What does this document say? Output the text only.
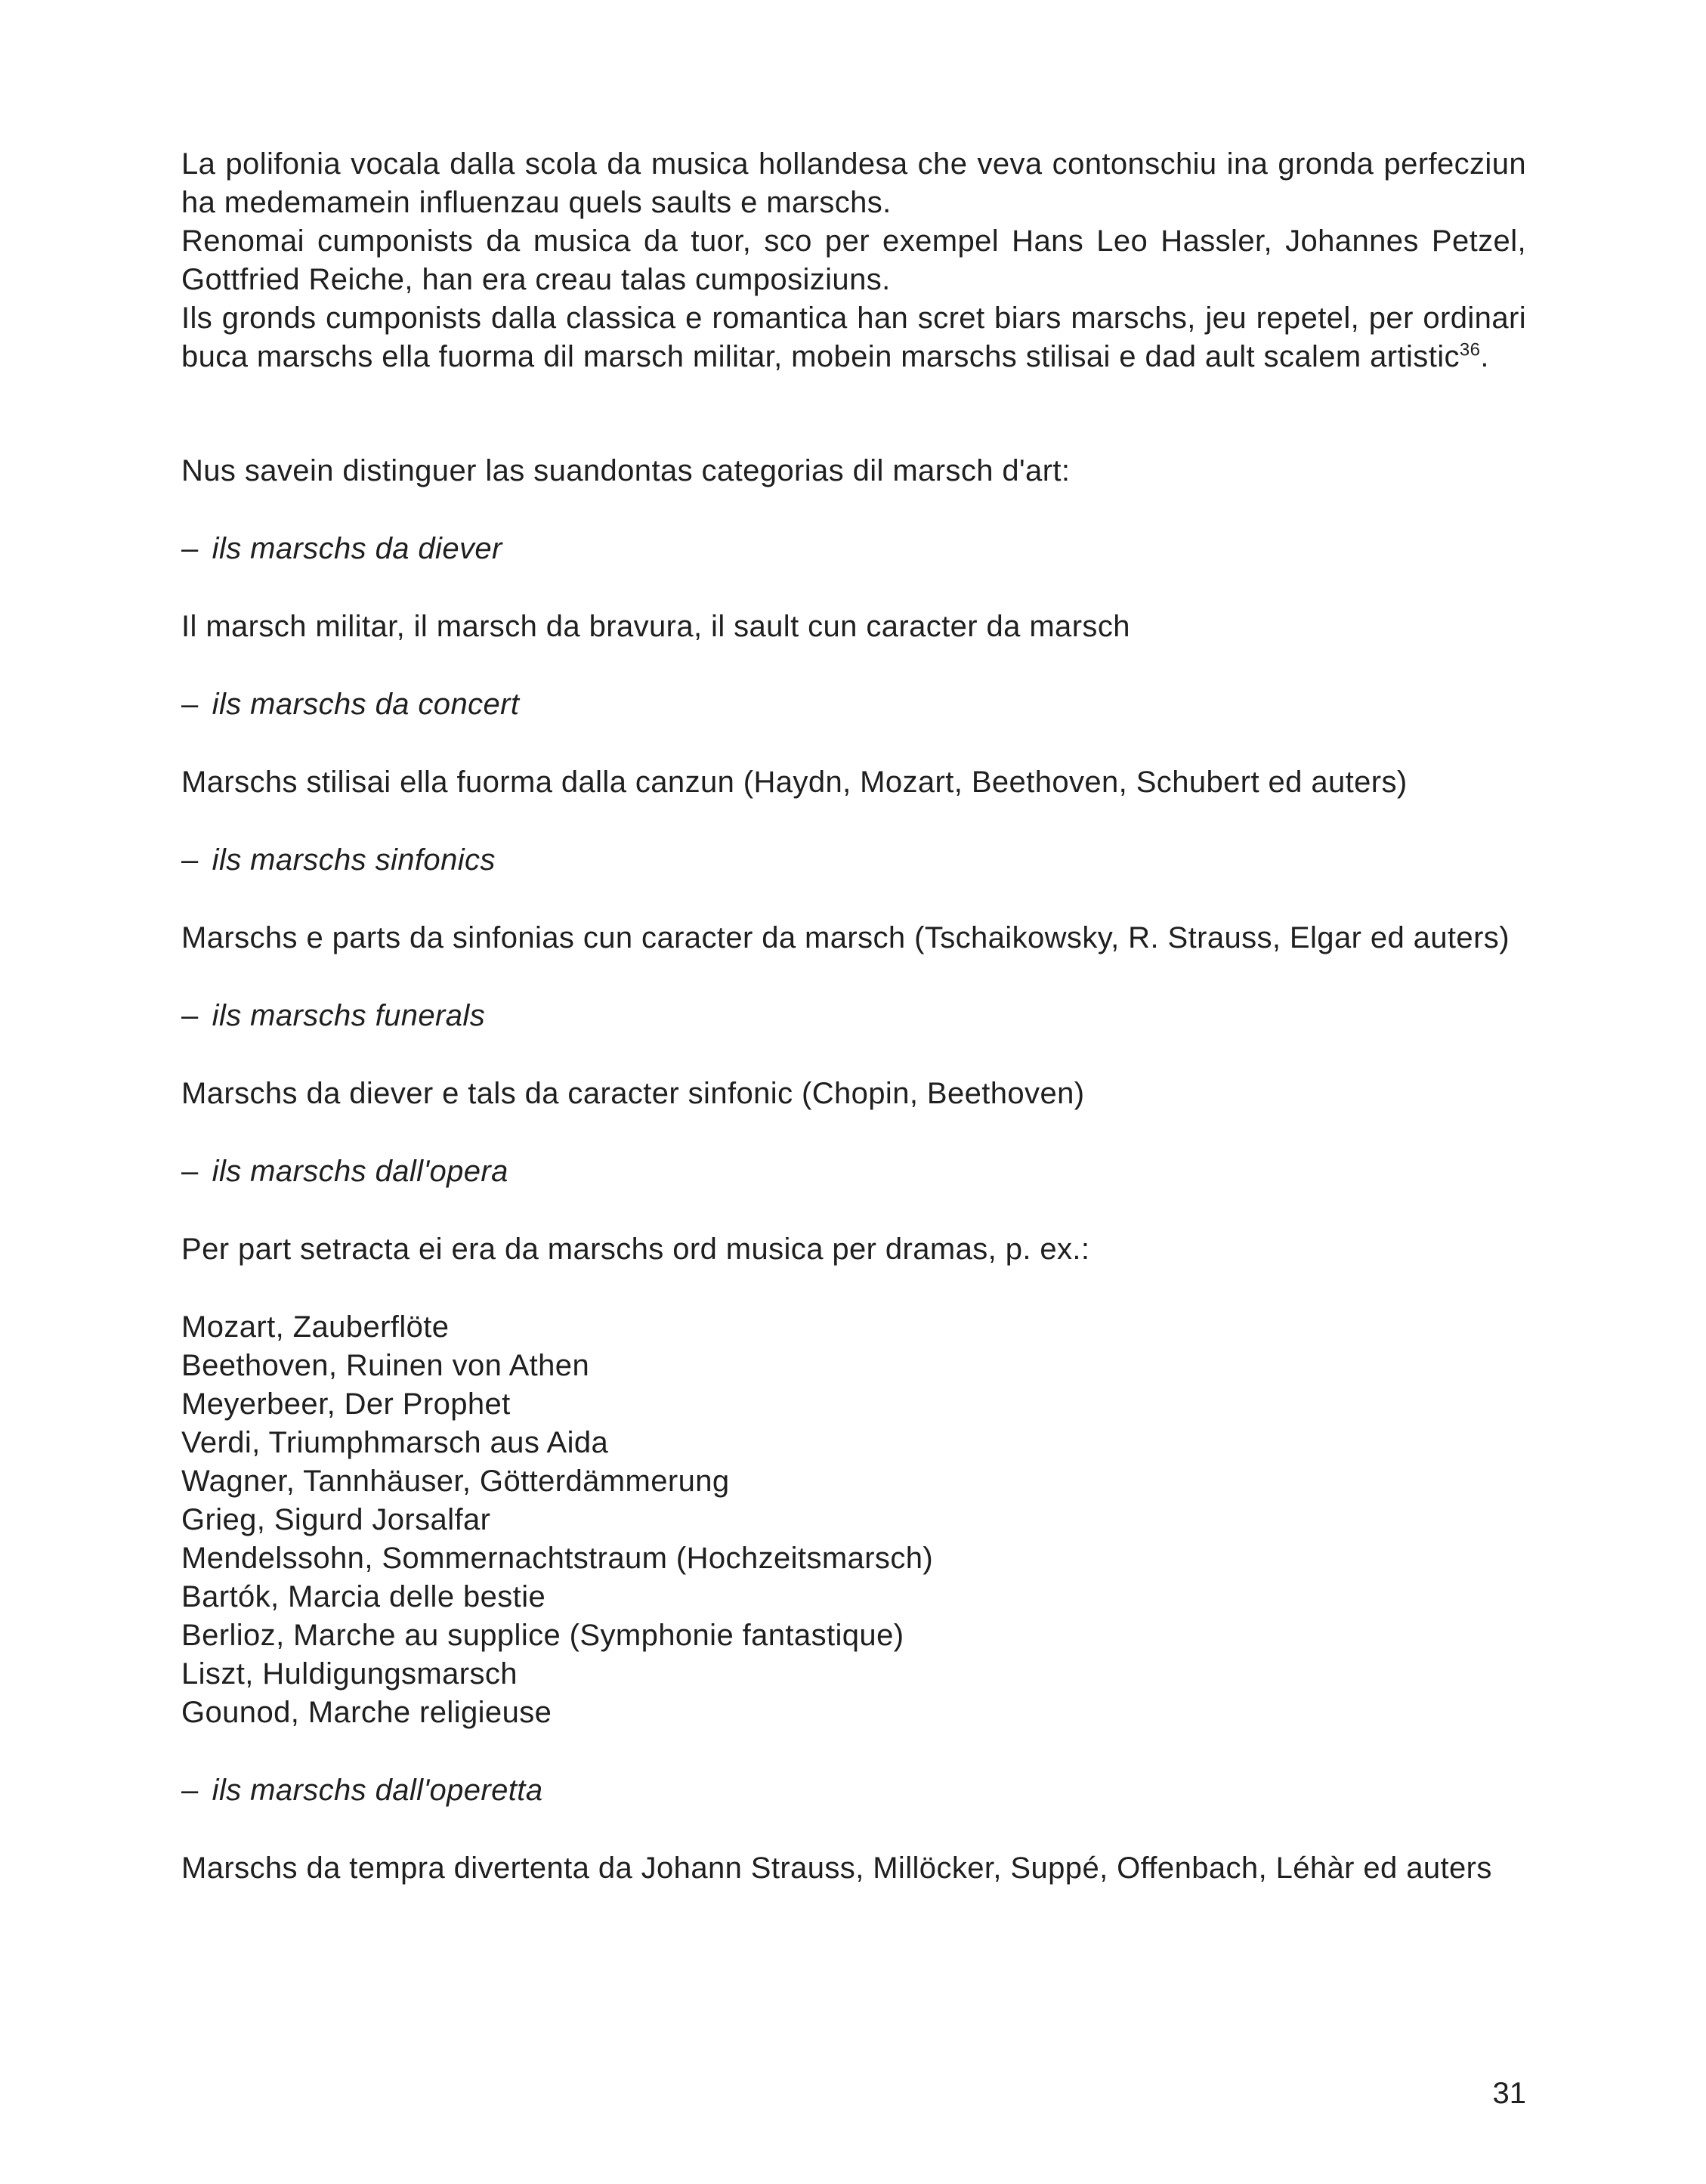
La polifonia vocala dalla scola da musica hollandesa che veva contonschiu ina gronda perfecziun ha medemamein influenzau quels saults e marschs.

Renomai cumponists da musica da tuor, sco per exempel Hans Leo Hassler, Johannes Petzel, Gottfried Reiche, han era creau talas cumposiziuns.

Ils gronds cumponists dalla classica e romantica han scret biars marschs, jeu repetel, per ordinari buca marschs ella fuorma dil marsch militar, mobein marschs stilisai e dad ault scalem artistic$^{36}$.

Nus savein distinguer las suandontas categorias dil marsch d'art:

– ils marschs da diever

Il marsch militar, il marsch da bravura, il sault cun caracter da marsch

– ils marschs da concert

Marschs stilisai ella fuorma dalla canzun (Haydn, Mozart, Beethoven, Schubert ed auters)

– ils marschs sinfonics

Marschs e parts da sinfonias cun caracter da marsch (Tschaikowsky, R. Strauss, Elgar ed auters)

– ils marschs funerals

Marschs da diever e tals da caracter sinfonic (Chopin, Beethoven)

– ils marschs dall'opera

Per part setracta ei era da marschs ord musica per dramas, p. ex.:

Mozart, Zauberflöte
Beethoven, Ruinen von Athen
Meyerbeer, Der Prophet
Verdi, Triumphmarsch aus Aida
Wagner, Tannhäuser, Götterdämmerung
Grieg, Sigurd Jorsalfar
Mendelssohn, Sommernachtstraum (Hochzeitsmarsch)
Bartók, Marcia delle bestie
Berlioz, Marche au supplice (Symphonie fantastique)
Liszt, Huldigungsmarsch
Gounod, Marche religieuse

– ils marschs dall'operetta

Marschs da tempra divertenta da Johann Strauss, Millöcker, Suppé, Offenbach, Léhàr ed auters

31
